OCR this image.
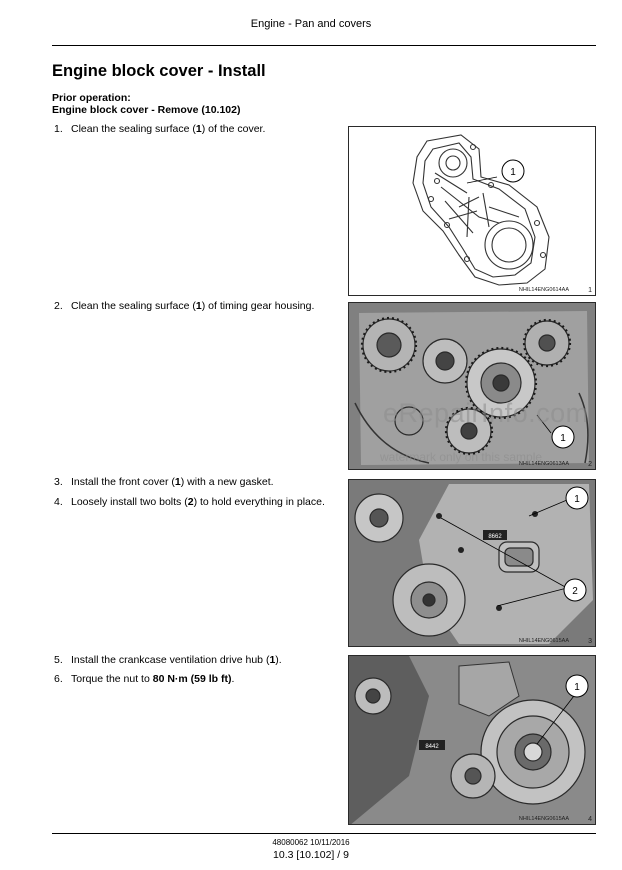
Engine - Pan and covers
Engine block cover - Install
Prior operation:
Engine block cover - Remove (10.102)
1. Clean the sealing surface (1) of the cover.
2. Clean the sealing surface (1) of timing gear housing.
3. Install the front cover (1) with a new gasket.
4. Loosely install two bolts (2) to hold everything in place.
5. Install the crankcase ventilation drive hub (1).
6. Torque the nut to 80 N·m (59 lb ft).
1
NHIL14ENG0614AA	1
1
NHIL14ENG0613AA	2
8662
1
2
NHIL14ENG0615AA	3
8442
1
NHIL14ENG0615AA	4
eRepairInfo.com
watermark only on this sample
48080062 10/11/2016
10.3 [10.102] / 9
